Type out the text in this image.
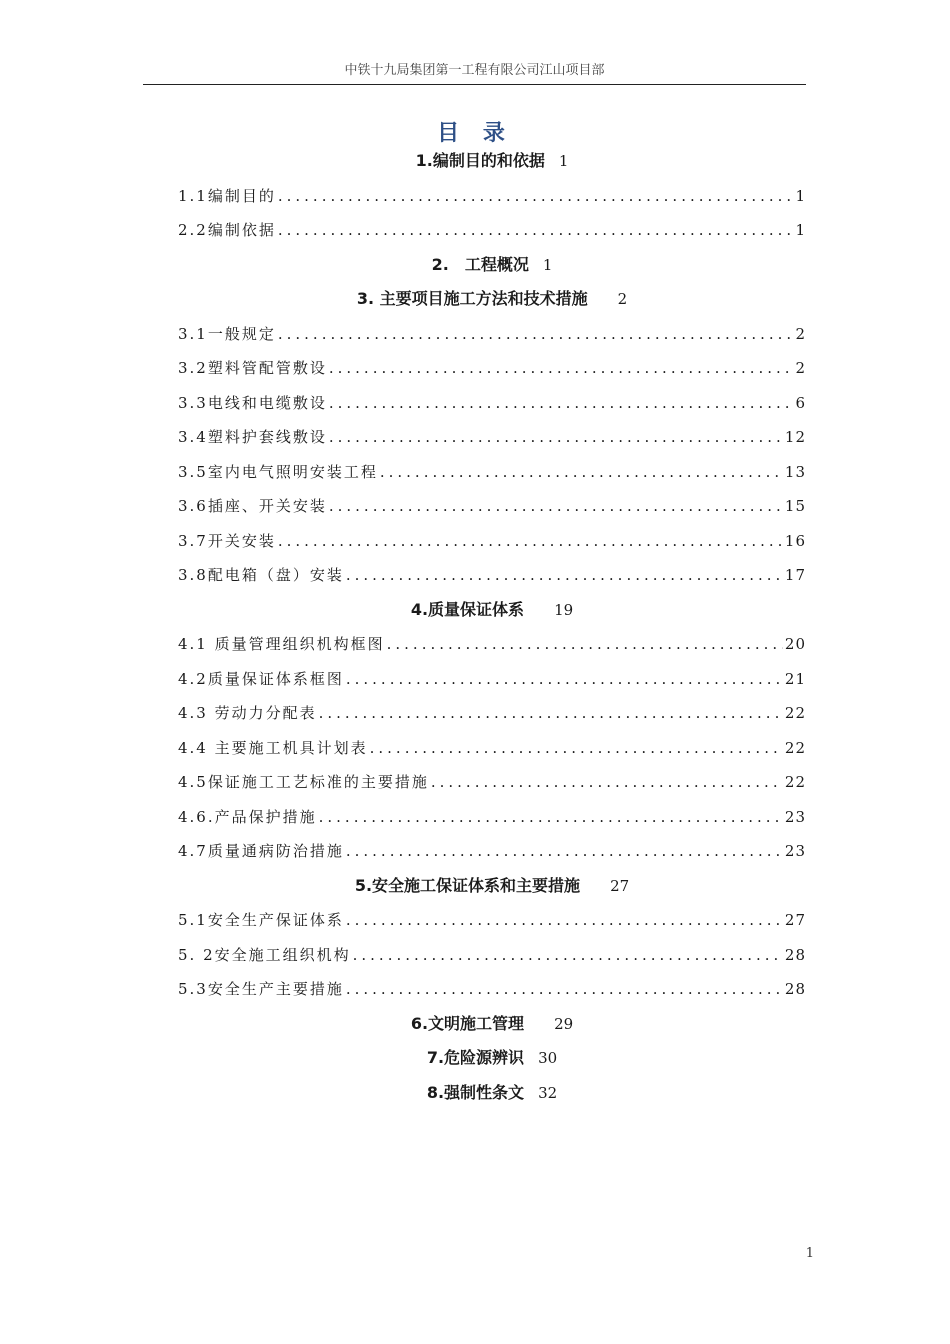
中铁十九局集团第一工程有限公司江山项目部
目 录
1.编制目的和依据 1
1.1编制目的 .....	1
2.2编制依据 .....	1
2.　工程概况 1
3. 主要项目施工方法和技术措施 2
3.1一般规定 .....	2
3.2塑料管配管敷设 .....	2
3.3电线和电缆敷设 .....	6
3.4塑料护套线敷设 .....	12
3.5室内电气照明安装工程 .....	13
3.6插座、开关安装 .....	15
3.7开关安装 .....	16
3.8配电箱（盘）安装 .....	17
4.质量保证体系 19
4.1 质量管理组织机构框图 .....	20
4.2质量保证体系框图 .....	21
4.3 劳动力分配表 .....	22
4.4 主要施工机具计划表 .....	22
4.5保证施工工艺标准的主要措施 .....	22
4.6.产品保护措施 .....	23
4.7质量通病防治措施 .....	23
5.安全施工保证体系和主要措施 27
5.1安全生产保证体系 .....	27
5. 2安全施工组织机构 .....	28
5.3安全生产主要措施 .....	28
6.文明施工管理 29
7.危险源辨识 30
8.强制性条文 32
1
